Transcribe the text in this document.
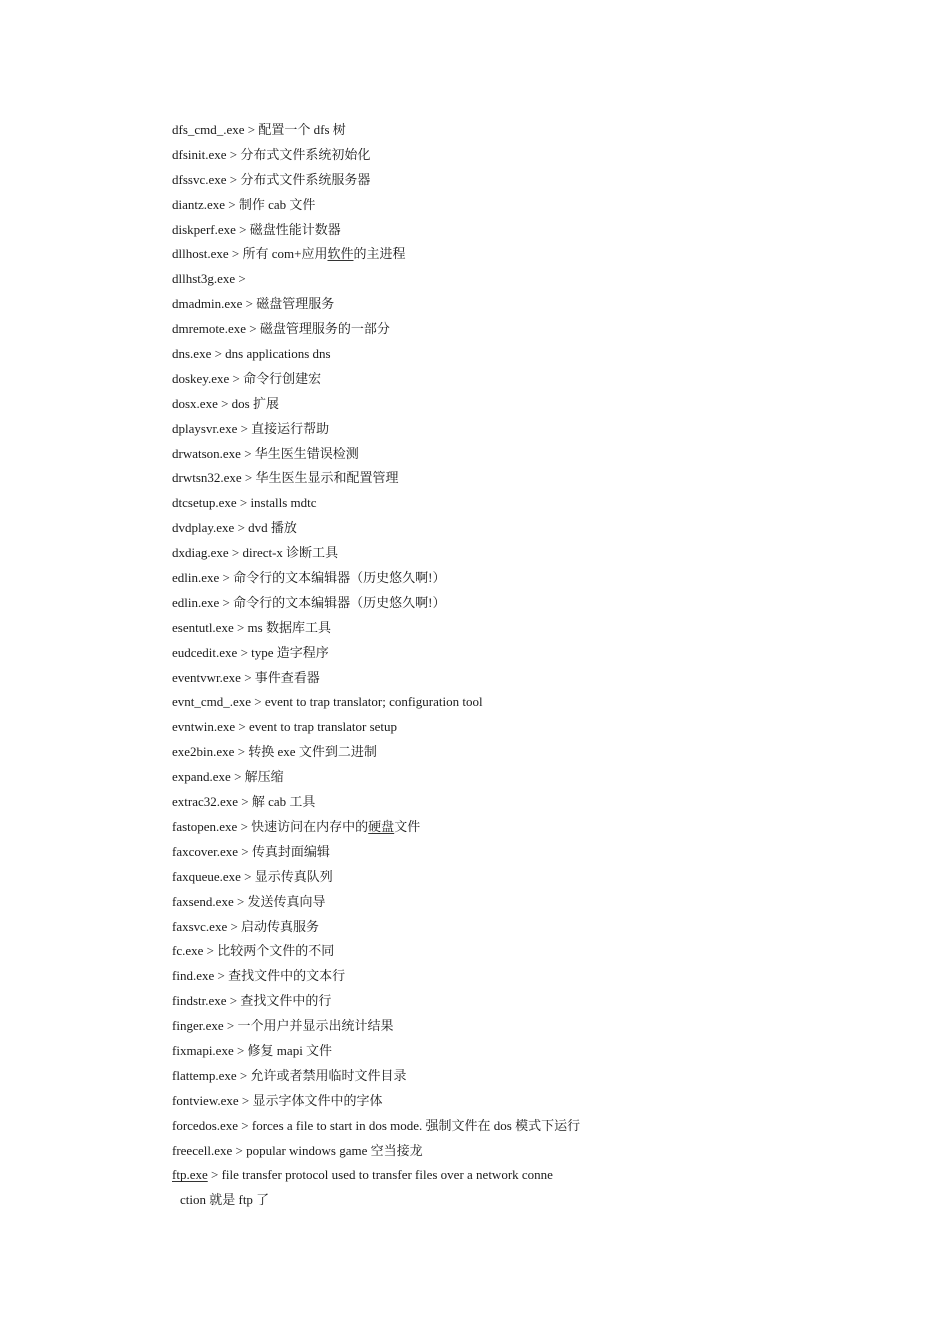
dfs_cmd_.exe > 配置一个 dfs 树
dfsinit.exe > 分布式文件系统初始化
dfssvc.exe > 分布式文件系统服务器
diantz.exe > 制作 cab 文件
diskperf.exe > 磁盘性能计数器
dllhost.exe > 所有 com+应用软件的主进程
dllhst3g.exe >
dmadmin.exe > 磁盘管理服务
dmremote.exe > 磁盘管理服务的一部分
dns.exe > dns applications dns
doskey.exe > 命令行创建宏
dosx.exe > dos 扩展
dplaysvr.exe > 直接运行帮助
drwatson.exe > 华生医生错误检测
drwtsn32.exe > 华生医生显示和配置管理
dtcsetup.exe > installs mdtc
dvdplay.exe > dvd 播放
dxdiag.exe > direct-x 诊断工具
edlin.exe > 命令行的文本编辑器（历史悠久啊!）
edlin.exe > 命令行的文本编辑器（历史悠久啊!）
esentutl.exe > ms 数据库工具
eudcedit.exe > type 造字程序
eventvwr.exe > 事件查看器
evnt_cmd_.exe > event to trap translator; configuration tool
evntwin.exe > event to trap translator setup
exe2bin.exe > 转换 exe 文件到二进制
expand.exe > 解压缩
extrac32.exe > 解 cab 工具
fastopen.exe > 快速访问在内存中的硬盘文件
faxcover.exe > 传真封面编辑
faxqueue.exe > 显示传真队列
faxsend.exe > 发送传真向导
faxsvc.exe > 启动传真服务
fc.exe > 比较两个文件的不同
find.exe > 查找文件中的文本行
findstr.exe > 查找文件中的行
finger.exe > 一个用户并显示出统计结果
fixmapi.exe > 修复 mapi 文件
flattemp.exe > 允许或者禁用临时文件目录
fontview.exe > 显示字体文件中的字体
forcedos.exe > forces a file to start in dos mode. 强制文件在 dos 模式下运行
freecell.exe > popular windows game 空当接龙
ftp.exe > file transfer protocol used to transfer files over a network conne
ction 就是 ftp 了
